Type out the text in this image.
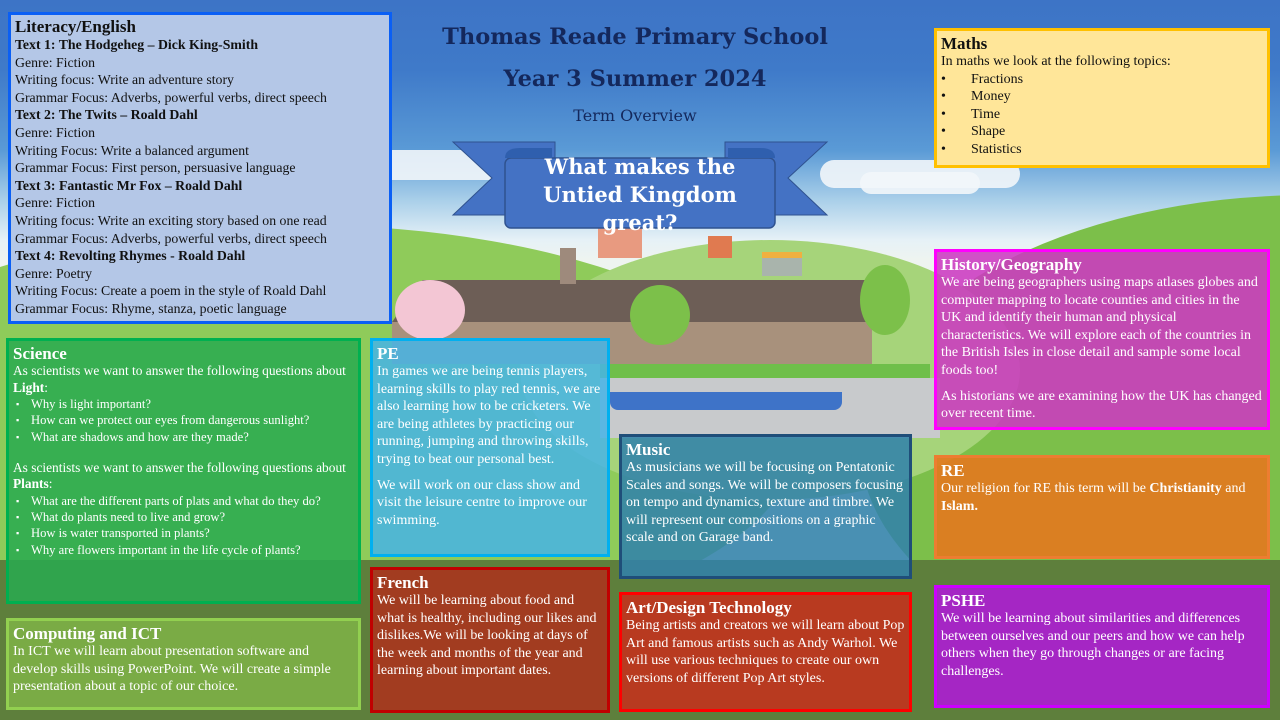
Thomas Reade Primary School
Year 3 Summer 2024
Term Overview
What makes the
Untied Kingdom great?
Literacy/English
Text 1: The Hodgeheg – Dick King-Smith
Genre: Fiction
Writing focus: Write an adventure story
Grammar Focus: Adverbs, powerful verbs, direct speech
Text 2: The Twits – Roald Dahl
Genre: Fiction
Writing Focus: Write a balanced argument
Grammar Focus: First person, persuasive language
Text 3: Fantastic Mr Fox – Roald Dahl
Genre: Fiction
Writing focus: Write an exciting story based on one read
Grammar Focus: Adverbs, powerful verbs, direct speech
Text 4: Revolting Rhymes - Roald Dahl
Genre: Poetry
Writing Focus: Create a poem in the style of Roald Dahl
Grammar Focus: Rhyme, stanza, poetic language
Maths
In maths we look at the following topics:
• Fractions
• Money
• Time
• Shape
• Statistics
History/Geography
We are being geographers using maps atlases globes and computer mapping to locate counties and cities in the UK and identify their human and physical characteristics. We will explore each of the countries in the British Isles in close detail and sample some local foods too!
As historians we are examining how the UK has changed over recent time.
RE
Our religion for RE this term will be Christianity and Islam.
PSHE
We will be learning about similarities and differences between ourselves and our peers and how we can help others when they go through changes or are facing challenges.
Science
As scientists we want to answer the following questions about Light:
▪ Why is light important?
▪ How can we protect our eyes from dangerous sunlight?
▪ What are shadows and how are they made?
As scientists we want to answer the following questions about Plants:
▪ What are the different parts of plats and what do they do?
▪ What do plants need to live and grow?
▪ How is water transported in plants?
▪ Why are flowers important in the life cycle of plants?
Computing and ICT
In ICT we will learn about presentation software and develop skills using PowerPoint. We will create a simple presentation about a topic of our choice.
PE
In games we are being tennis players, learning skills to play red tennis, we are also learning how to be cricketers. We are being athletes by practicing our running, jumping and throwing skills, trying to beat our personal best.
We will work on our class show and visit the leisure centre to improve our swimming.
French
We will be learning about food and what is healthy, including our likes and dislikes.We will be looking at days of the week and months of the year and learning about important dates.
Music
As musicians we will be focusing on Pentatonic Scales and songs. We will be composers focusing on tempo and dynamics, texture and timbre. We will represent our compositions on a graphic scale and on Garage band.
Art/Design Technology
Being artists and creators we will learn about Pop Art and famous artists such as Andy Warhol. We will use various techniques to create our own versions of different Pop Art styles.
